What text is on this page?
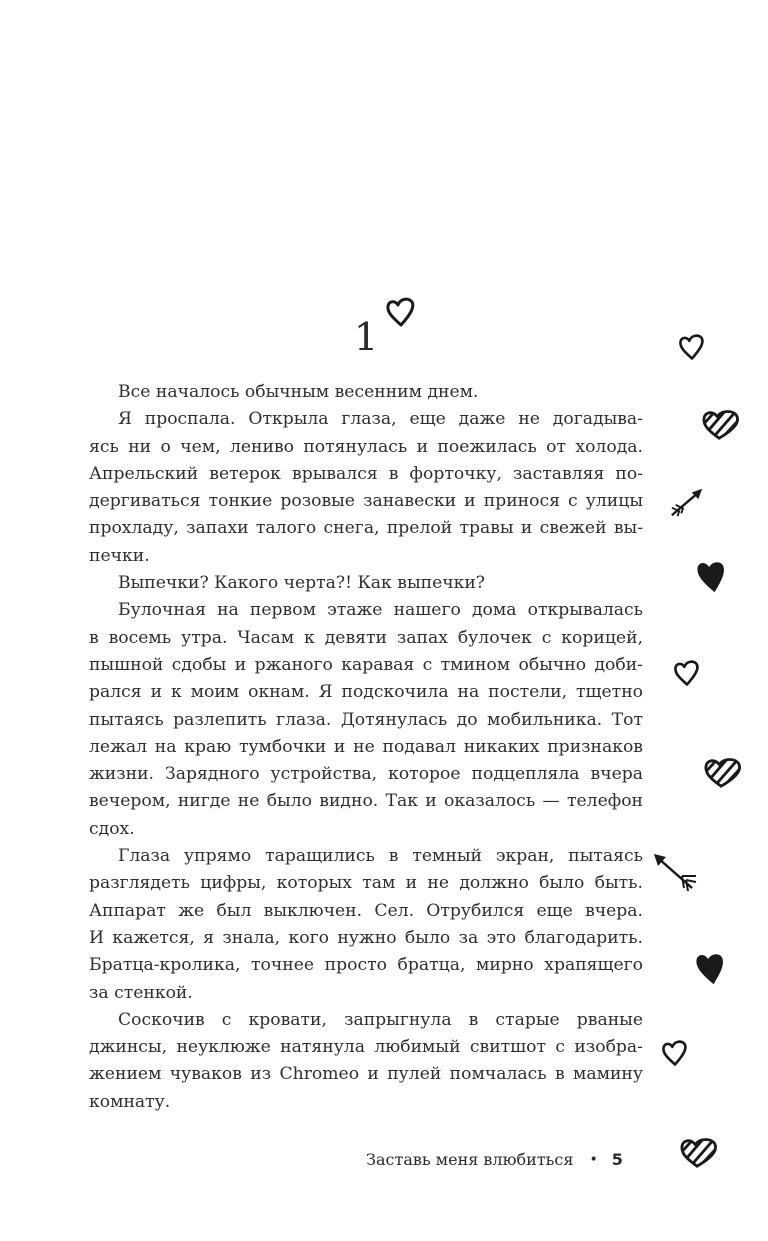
1
Все началось обычным весенним днем.
Я проспала. Открыла глаза, еще даже не догадыва-
ясь ни о чем, лениво потянулась и поежилась от холода.
Апрельский ветерок врывался в форточку, заставляя по-
дергиваться тонкие розовые занавески и принося с улицы
прохладу, запахи талого снега, прелой травы и свежей вы-
печки.
Выпечки? Какого черта?! Как выпечки?
Булочная на первом этаже нашего дома открывалась
в восемь утра. Часам к девяти запах булочек с корицей,
пышной сдобы и ржаного каравая с тмином обычно доби-
рался и к моим окнам. Я подскочила на постели, тщетно
пытаясь разлепить глаза. Дотянулась до мобильника. Тот
лежал на краю тумбочки и не подавал никаких признаков
жизни. Зарядного устройства, которое подцепляла вчера
вечером, нигде не было видно. Так и оказалось — телефон
сдох.
Глаза упрямо таращились в темный экран, пытаясь
разглядеть цифры, которых там и не должно было быть.
Аппарат же был выключен. Сел. Отрубился еще вчера.
И кажется, я знала, кого нужно было за это благодарить.
Братца-кролика, точнее просто братца, мирно храпящего
за стенкой.
Соскочив с кровати, запрыгнула в старые рваные
джинсы, неуклюже натянула любимый свитшот с изобра-
жением чуваков из Chromeo и пулей помчалась в мамину
комнату.
Заставь меня влюбиться • 5
